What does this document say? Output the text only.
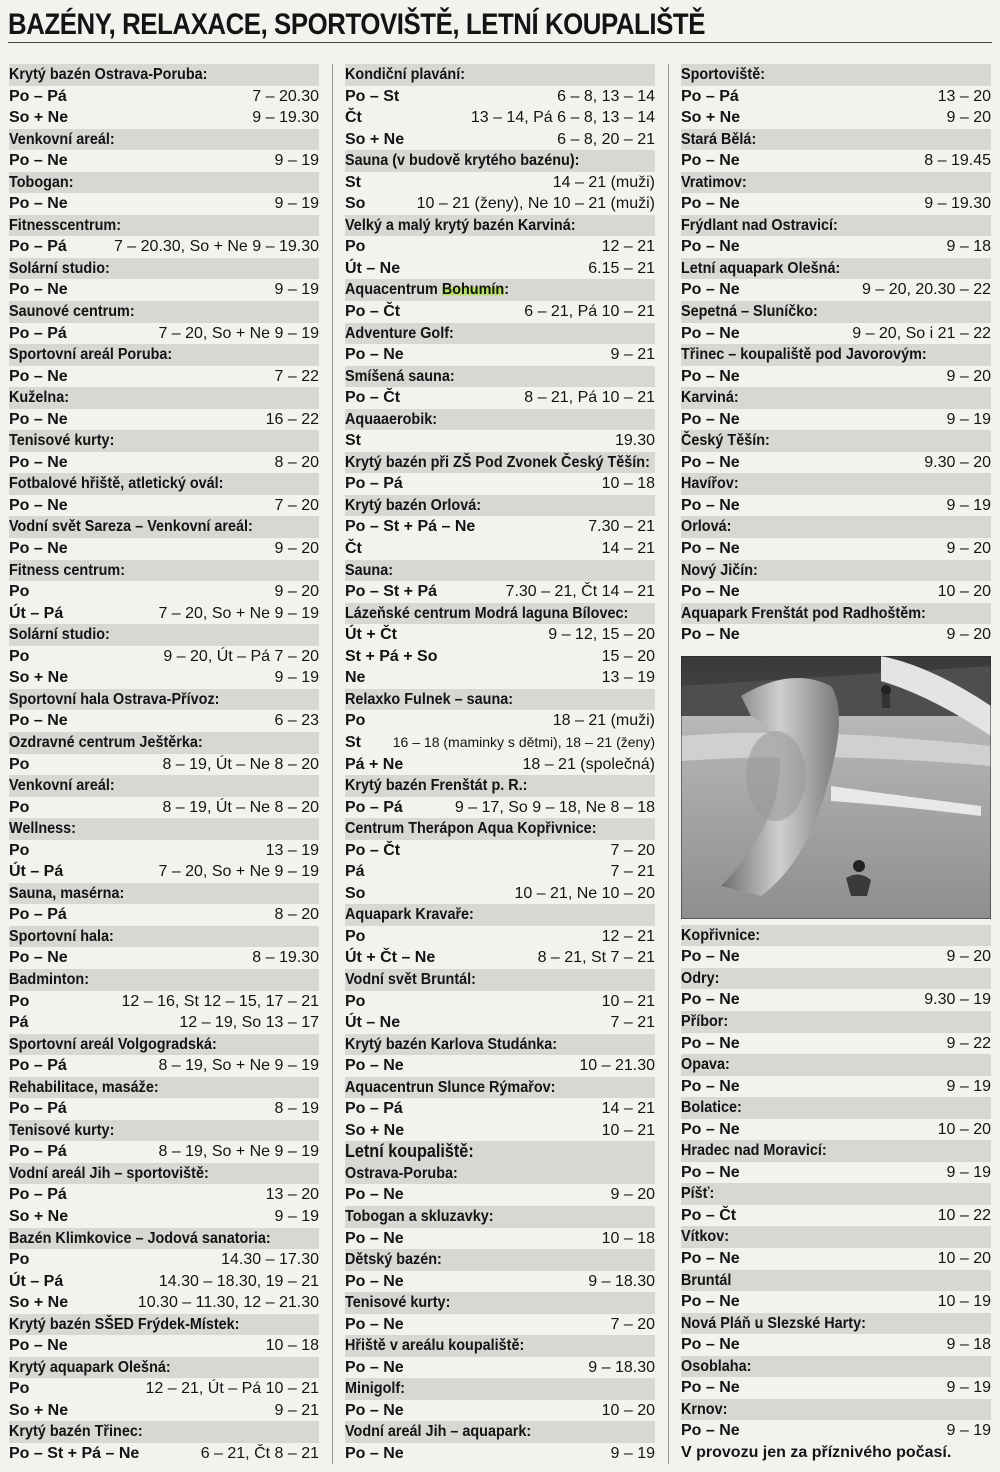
BAZÉNY, RELAXACE, SPORTOVIŠTĚ, LETNÍ KOUPALIŠTĚ
Krytý bazén Ostrava-Poruba:
Po – Pá	7 – 20.30
So + Ne	9 – 19.30
Venkovní areál:
Po – Ne	9 – 19
Tobogan:
Po – Ne	9 – 19
Fitnesscentrum:
Po – Pá	7 – 20.30, So + Ne 9 – 19.30
Solární studio:
Po – Ne	9 – 19
Saunové centrum:
Po – Pá	7 – 20, So + Ne 9 – 19
Sportovní areál Poruba:
Po – Ne	7 – 22
Kuželna:
Po – Ne	16 – 22
Tenisové kurty:
Po – Ne	8 – 20
Fotbalové hřiště, atletický ovál:
Po – Ne	7 – 20
Vodní svět Sareza – Venkovní areál:
Po – Ne	9 – 20
Fitness centrum:
Po	9 – 20
Út – Pá	7 – 20, So + Ne 9 – 19
Solární studio:
Po	9 – 20, Út – Pá 7 – 20
So + Ne	9 – 19
Sportovní hala Ostrava-Přívoz:
Po – Ne	6 – 23
Ozdravné centrum Ještěrka:
Po	8 – 19, Út – Ne 8 – 20
Venkovní areál:
Po	8 – 19, Út – Ne 8 – 20
Wellness:
Po	13 – 19
Út – Pá	7 – 20, So + Ne 9 – 19
Sauna, masérna:
Po – Pá	8 – 20
Sportovní hala:
Po – Ne	8 – 19.30
Badminton:
Po	12 – 16, St 12 – 15, 17 – 21
Pá	12 – 19, So 13 – 17
Sportovní areál Volgogradská:
Po – Pá	8 – 19, So + Ne 9 – 19
Rehabilitace, masáže:
Po – Pá	8 – 19
Tenisové kurty:
Po – Pá	8 – 19, So + Ne 9 – 19
Vodní areál Jih – sportoviště:
Po – Pá	13 – 20
So + Ne	9 – 19
Bazén Klimkovice – Jodová sanatoria:
Po	14.30 – 17.30
Út – Pá	14.30 – 18.30, 19 – 21
So + Ne	10.30 – 11.30, 12 – 21.30
Krytý bazén SŠED Frýdek-Místek:
Po – Ne	10 – 18
Krytý aquapark Olešná:
Po	12 – 21, Út – Pá 10 – 21
So + Ne	9 – 21
Krytý bazén Třinec:
Po – St + Pá – Ne	6 – 21, Čt 8 – 21
Kondiční plavání:
Po – St	6 – 8, 13 – 14
Čt	13 – 14, Pá 6 – 8, 13 – 14
So + Ne	6 – 8, 20 – 21
Sauna (v budově krytého bazénu):
St	14 – 21 (muži)
So	10 – 21 (ženy), Ne 10 – 21 (muži)
Velký a malý krytý bazén Karviná:
Po	12 – 21
Út – Ne	6.15 – 21
Aquacentrum Bohumín:
Po – Čt	6 – 21, Pá 10 – 21
Adventure Golf:
Po – Ne	9 – 21
Smíšená sauna:
Po – Čt	8 – 21, Pá 10 – 21
Aquaaerobik:
St	19.30
Krytý bazén při ZŠ Pod Zvonek Český Těšín:
Po – Pá	10 – 18
Krytý bazén Orlová:
Po – St + Pá – Ne	7.30 – 21
Čt	14 – 21
Sauna:
Po – St + Pá	7.30 – 21, Čt 14 – 21
Lázeňské centrum Modrá laguna Bílovec:
Út + Čt	9 – 12, 15 – 20
St + Pá + So	15 – 20
Ne	13 – 19
Relaxko Fulnek – sauna:
Po	18 – 21 (muži)
St 16 – 18 (maminky s dětmi), 18 – 21 (ženy)
Pá + Ne	18 – 21 (společná)
Krytý bazén Frenštát p. R.:
Po – Pá	9 – 17, So 9 – 18, Ne 8 – 18
Centrum Therápon Aqua Kopřivnice:
Po – Čt	7 – 20
Pá	7 – 21
So	10 – 21, Ne 10 – 20
Aquapark Kravaře:
Po	12 – 21
Út + Čt – Ne	8 – 21, St 7 – 21
Vodní svět Bruntál:
Po	10 – 21
Út – Ne	7 – 21
Krytý bazén Karlova Studánka:
Po – Ne	10 – 21.30
Aquacentrun Slunce Rýmařov:
Po – Pá	14 – 21
So + Ne	10 – 21
Letní koupaliště:
Ostrava-Poruba:
Po – Ne	9 – 20
Tobogan a skluzavky:
Po – Ne	10 – 18
Dětský bazén:
Po – Ne	9 – 18.30
Tenisové kurty:
Po – Ne	7 – 20
Hřiště v areálu koupaliště:
Po – Ne	9 – 18.30
Minigolf:
Po – Ne	10 – 20
Vodní areál Jih – aquapark:
Po – Ne	9 – 19
Sportoviště:
Po – Pá	13 – 20
So + Ne	9 – 20
Stará Bělá:
Po – Ne	8 – 19.45
Vratimov:
Po – Ne	9 – 19.30
Frýdlant nad Ostravicí:
Po – Ne	9 – 18
Letní aquapark Olešná:
Po – Ne	9 – 20, 20.30 – 22
Sepetná – Sluníčko:
Po – Ne	9 – 20, So i 21 – 22
Třinec – koupaliště pod Javorovým:
Po – Ne	9 – 20
Karviná:
Po – Ne	9 – 19
Český Těšín:
Po – Ne	9.30 – 20
Havířov:
Po – Ne	9 – 19
Orlová:
Po – Ne	9 – 20
Nový Jičín:
Po – Ne	10 – 20
Aquapark Frenštát pod Radhoštěm:
Po – Ne	9 – 20
Kopřivnice:
Po – Ne	9 – 20
Odry:
Po – Ne	9.30 – 19
Příbor:
Po – Ne	9 – 22
Opava:
Po – Ne	9 – 19
Bolatice:
Po – Ne	10 – 20
Hradec nad Moravicí:
Po – Ne	9 – 19
Píšť:
Po – Čt	10 – 22
Vítkov:
Po – Ne	10 – 20
Bruntál
Po – Ne	10 – 19
Nová Pláň u Slezské Harty:
Po – Ne	9 – 18
Osoblaha:
Po – Ne	9 – 19
Krnov:
Po – Ne	9 – 19
V provozu jen za příznivého počasí.
